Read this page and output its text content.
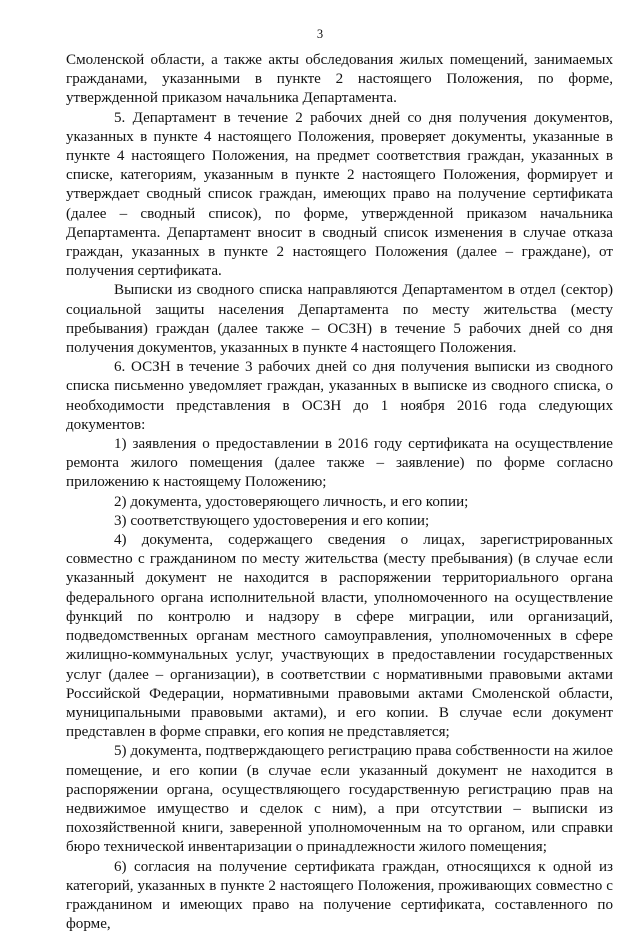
3

Смоленской области, а также акты обследования жилых помещений, занимаемых гражданами, указанными в пункте 2 настоящего Положения, по форме, утвержденной приказом начальника Департамента.

5. Департамент в течение 2 рабочих дней со дня получения документов, указанных в пункте 4 настоящего Положения, проверяет документы, указанные в пункте 4 настоящего Положения, на предмет соответствия граждан, указанных в списке, категориям, указанным в пункте 2 настоящего Положения, формирует и утверждает сводный список граждан, имеющих право на получение сертификата (далее – сводный список), по форме, утвержденной приказом начальника Департамента. Департамент вносит в сводный список изменения в случае отказа граждан, указанных в пункте 2 настоящего Положения (далее – граждане), от получения сертификата.

Выписки из сводного списка направляются Департаментом в отдел (сектор) социальной защиты населения Департамента по месту жительства (месту пребывания) граждан (далее также – ОСЗН) в течение 5 рабочих дней со дня получения документов, указанных в пункте 4 настоящего Положения.

6. ОСЗН в течение 3 рабочих дней со дня получения выписки из сводного списка письменно уведомляет граждан, указанных в выписке из сводного списка, о необходимости представления в ОСЗН до 1 ноября 2016 года следующих документов:

1) заявления о предоставлении в 2016 году сертификата на осуществление ремонта жилого помещения (далее также – заявление) по форме согласно приложению к настоящему Положению;

2) документа, удостоверяющего личность, и его копии;

3) соответствующего удостоверения и его копии;

4) документа, содержащего сведения о лицах, зарегистрированных совместно с гражданином по месту жительства (месту пребывания) (в случае если указанный документ не находится в распоряжении территориального органа федерального органа исполнительной власти, уполномоченного на осуществление функций по контролю и надзору в сфере миграции, или организаций, подведомственных органам местного самоуправления, уполномоченных в сфере жилищно-коммунальных услуг, участвующих в предоставлении государственных услуг (далее – организации), в соответствии с нормативными правовыми актами Российской Федерации, нормативными правовыми актами Смоленской области, муниципальными правовыми актами), и его копии. В случае если документ представлен в форме справки, его копия не представляется;

5) документа, подтверждающего регистрацию права собственности на жилое помещение, и его копии (в случае если указанный документ не находится в распоряжении органа, осуществляющего государственную регистрацию прав на недвижимое имущество и сделок с ним), а при отсутствии – выписки из похозяйственной книги, заверенной уполномоченным на то органом, или справки бюро технической инвентаризации о принадлежности жилого помещения;

6) согласия на получение сертификата граждан, относящихся к одной из категорий, указанных в пункте 2 настоящего Положения, проживающих совместно с гражданином и имеющих право на получение сертификата, составленного по форме,
